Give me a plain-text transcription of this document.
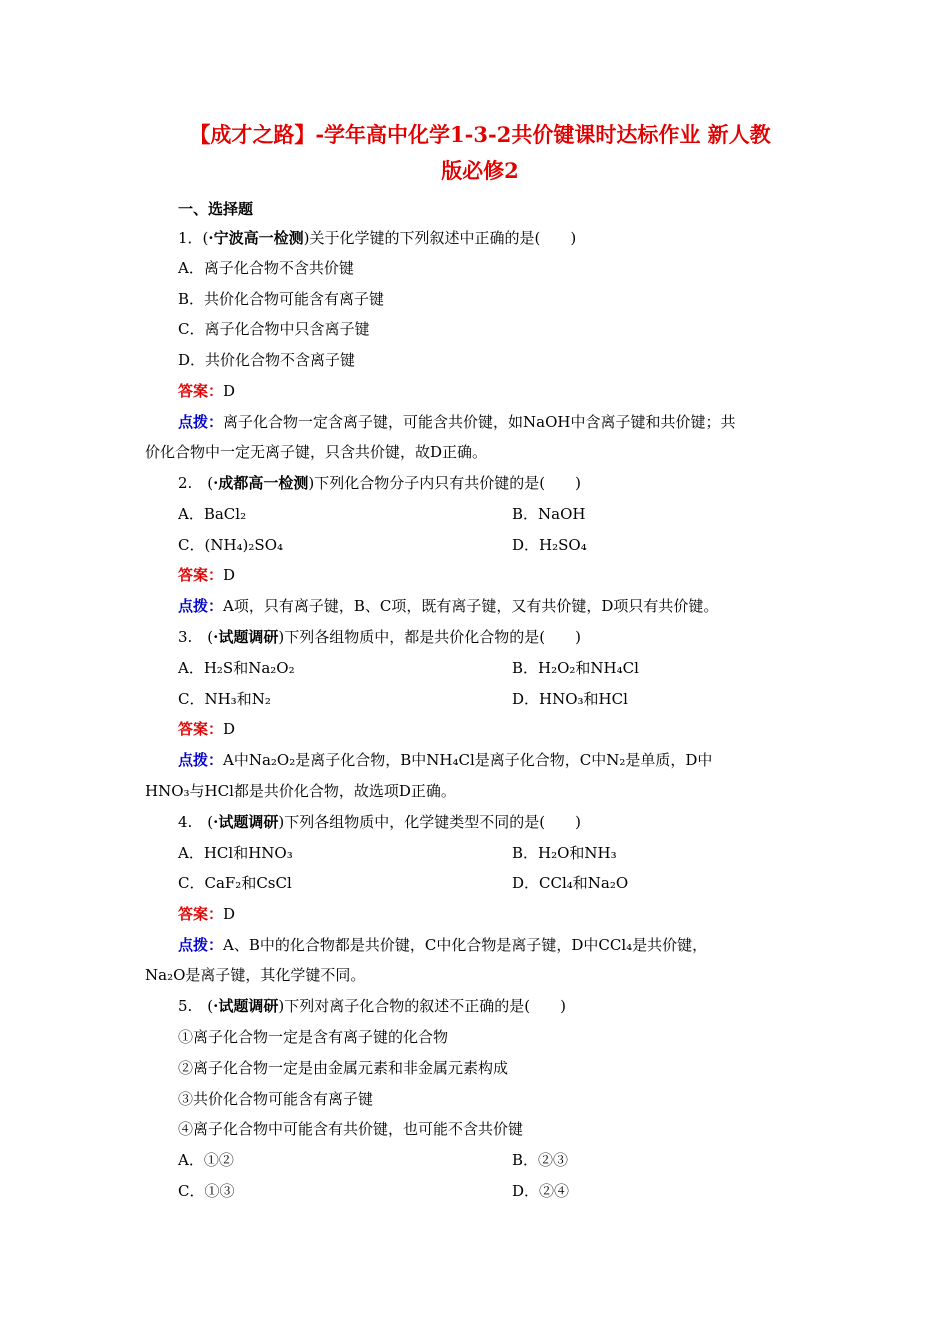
【成才之路】-学年高中化学1-3-2共价键课时达标作业 新人教
版必修2
一、选择题
1．(·宁波高一检测)关于化学键的下列叙述中正确的是(　　)
A．离子化合物不含共价键
B．共价化合物可能含有离子键
C．离子化合物中只含离子键
D．共价化合物不含离子键
答案：D
点拨：离子化合物一定含离子键，可能含共价键，如NaOH中含离子键和共价键；共
价化合物中一定无离子键，只含共价键，故D正确。
2.　(·成都高一检测)下列化合物分子内只有共价键的是(　　)
A．BaCl₂	B．NaOH
C．(NH₄)₂SO₄	D．H₂SO₄
答案：D
点拨：A项，只有离子键，B、C项，既有离子键，又有共价键，D项只有共价键。
3.　(·试题调研)下列各组物质中，都是共价化合物的是(　　)
A．H₂S和Na₂O₂	B．H₂O₂和NH₄Cl
C．NH₃和N₂	D．HNO₃和HCl
答案：D
点拨：A中Na₂O₂是离子化合物，B中NH₄Cl是离子化合物，C中N₂是单质，D中
HNO₃与HCl都是共价化合物，故选项D正确。
4.　(·试题调研)下列各组物质中，化学键类型不同的是(　　)
A．HCl和HNO₃	B．H₂O和NH₃
C．CaF₂和CsCl	D．CCl₄和Na₂O
答案：D
点拨：A、B中的化合物都是共价键，C中化合物是离子键，D中CCl₄是共价键，
Na₂O是离子键，其化学键不同。
5.　(·试题调研)下列对离子化合物的叙述不正确的是(　　)
①离子化合物一定是含有离子键的化合物
②离子化合物一定是由金属元素和非金属元素构成
③共价化合物可能含有离子键
④离子化合物中可能含有共价键，也可能不含共价键
A．①②	B．②③
C．①③	D．②④
